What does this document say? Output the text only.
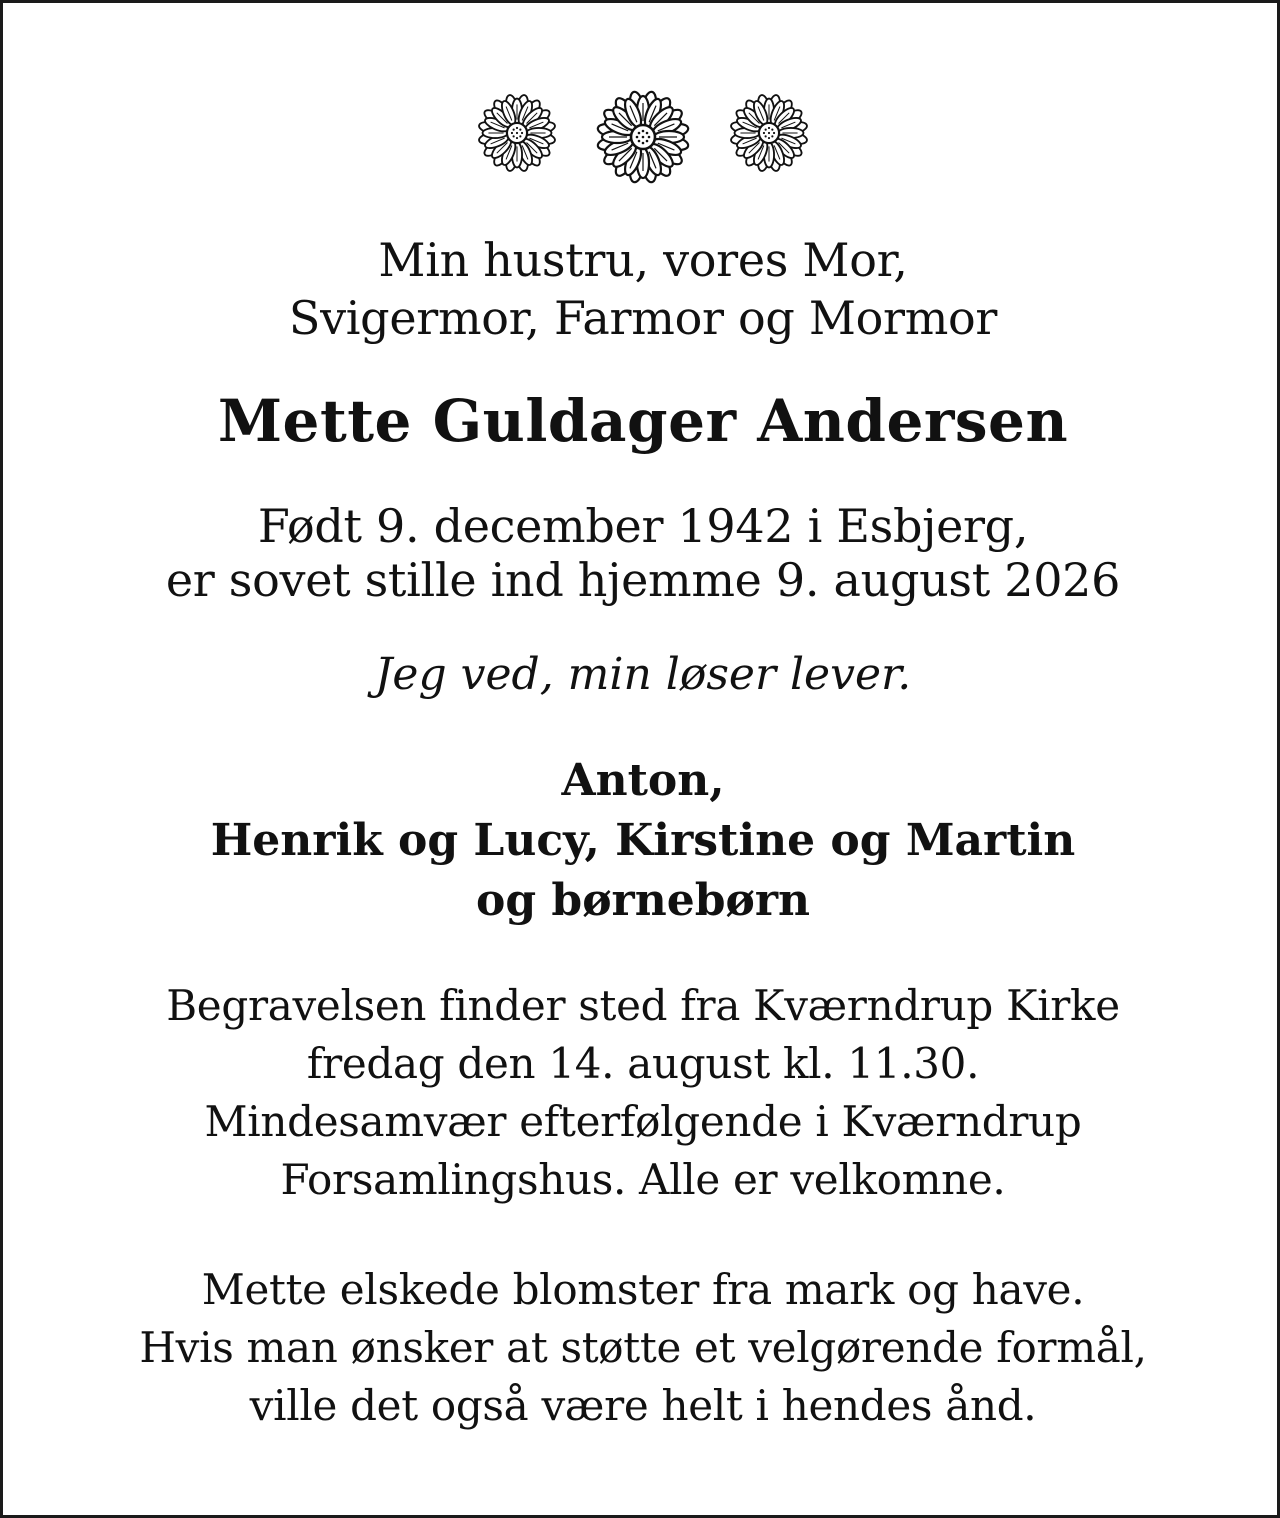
Min hustru, vores Mor,
Svigermor, Farmor og Mormor
Mette Guldager Andersen
Født 9. december 1942 i Esbjerg,
er sovet stille ind hjemme 9. august 2026
Jeg ved, min løser lever.
Anton,
Henrik og Lucy, Kirstine og Martin
og børnebørn
Begravelsen finder sted fra Kværndrup Kirke
fredag den 14. august kl. 11.30.
Mindesamvær efterfølgende i Kværndrup
Forsamlingshus. Alle er velkomne.
Mette elskede blomster fra mark og have.
Hvis man ønsker at støtte et velgørende formål,
ville det også være helt i hendes ånd.
